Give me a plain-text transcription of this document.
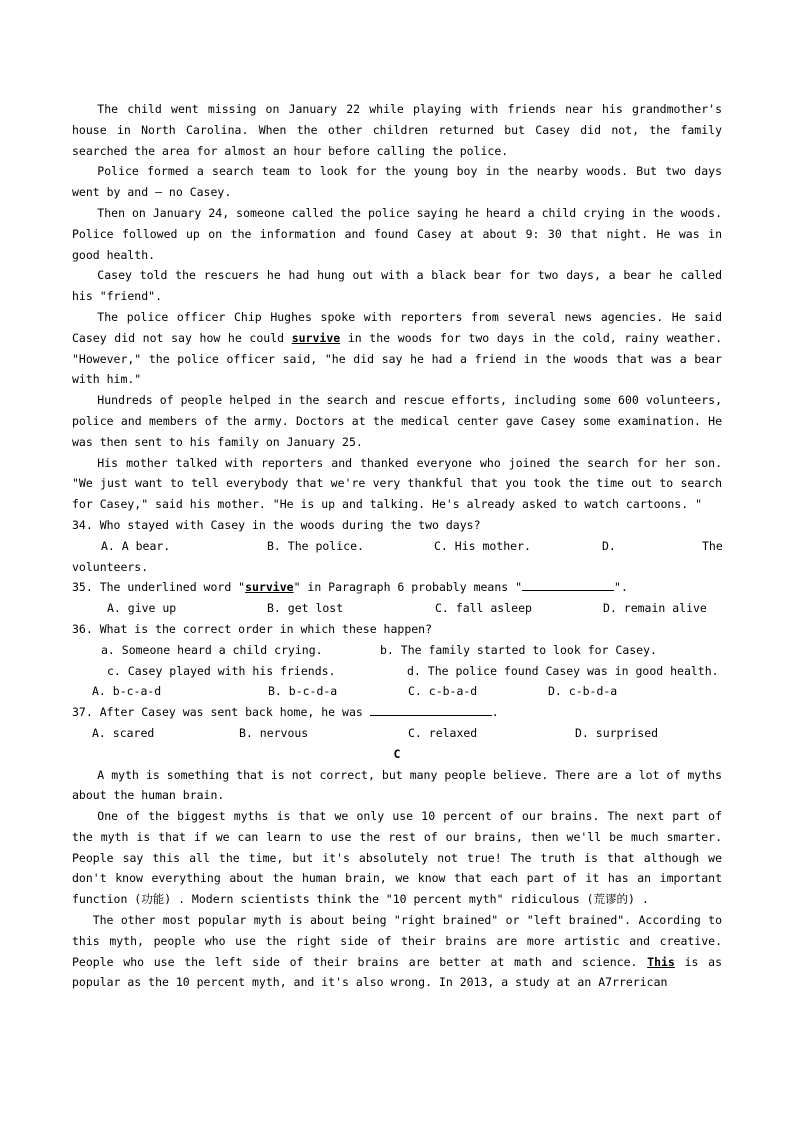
The child went missing on January 22 while playing with friends near his grandmother's house in North Carolina. When the other children returned but Casey did not, the family searched the area for almost an hour before calling the police.

Police formed a search team to look for the young boy in the nearby woods. But two days went by and – no Casey.

Then on January 24, someone called the police saying he heard a child crying in the woods. Police followed up on the information and found Casey at about 9: 30 that night. He was in good health.

Casey told the rescuers he had hung out with a black bear for two days, a bear he called his "friend".

The police officer Chip Hughes spoke with reporters from several news agencies. He said Casey did not say how he could survive in the woods for two days in the cold, rainy weather. "However," the police officer said, "he did say he had a friend in the woods that was a bear with him."

Hundreds of people helped in the search and rescue efforts, including some 600 volunteers, police and members of the army. Doctors at the medical center gave Casey some examination. He was then sent to his family on January 25.

His mother talked with reporters and thanked everyone who joined the search for her son. "We just want to tell everybody that we're very thankful that you took the time out to search for Casey," said his mother. "He is up and talking. He's already asked to watch cartoons. "

34. Who stayed with Casey in the woods during the two days?

A. A bear.	B. The police.	C. His mother.	D.	The

volunteers.

35. The underlined word "survive" in Paragraph 6 probably means "	".

A. give up	B. get lost	C. fall asleep	D. remain alive

36. What is the correct order in which these happen?

a. Someone heard a child crying.	b. The family started to look for Casey.
c. Casey played with his friends.	d. The police found Casey was in good health.
A. b-c-a-d	B. b-c-d-a	C. c-b-a-d	D. c-b-d-a

37. After Casey was sent back home, he was	.

A. scared	B. nervous	C. relaxed	D. surprised

C

A myth is something that is not correct, but many people believe. There are a lot of myths about the human brain.

One of the biggest myths is that we only use 10 percent of our brains. The next part of the myth is that if we can learn to use the rest of our brains, then we'll be much smarter. People say this all the time, but it's absolutely not true! The truth is that although we don't know everything about the human brain, we know that each part of it has an important function (功能) . Modern scientists think the "10 percent myth" ridiculous (荒谬的) .

The other most popular myth is about being "right brained" or "left brained". According to this myth, people who use the right side of their brains are more artistic and creative. People who use the left side of their brains are better at math and science. This is as popular as the 10 percent myth, and it's also wrong. In 2013, a study at an A7rrerican
